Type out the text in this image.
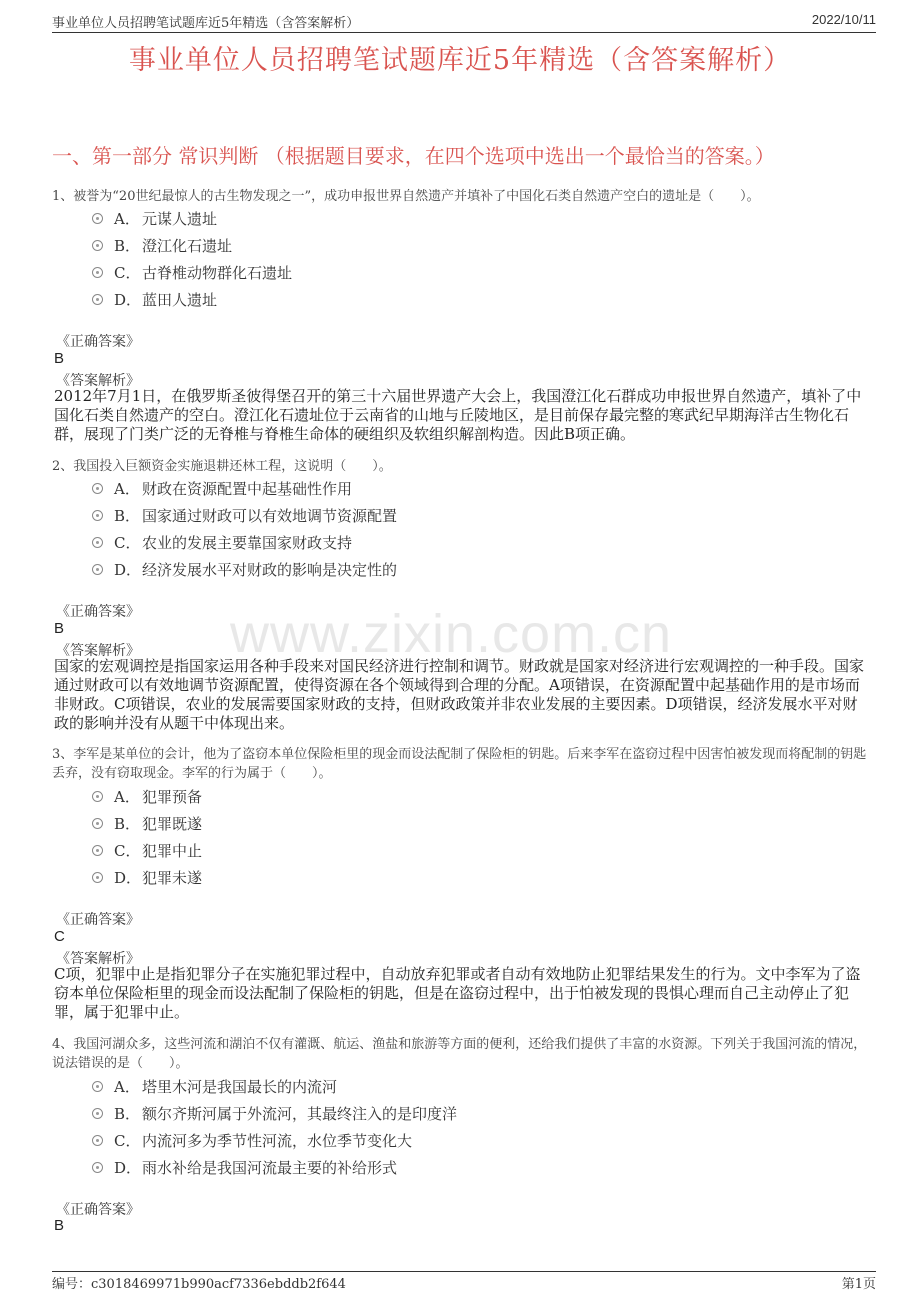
事业单位人员招聘笔试题库近5年精选（含答案解析）	2022/10/11
事业单位人员招聘笔试题库近5年精选（含答案解析）
一、第一部分 常识判断 （根据题目要求，在四个选项中选出一个最恰当的答案。）
www.zixin.com.cn
1、被誉为“20世纪最惊人的古生物发现之一”，成功申报世界自然遗产并填补了中国化石类自然遗产空白的遗址是（　　）。
A． 元谋人遗址
B． 澄江化石遗址
C． 古脊椎动物群化石遗址
D． 蓝田人遗址
《正确答案》
B
《答案解析》
2012年7月1日，在俄罗斯圣彼得堡召开的第三十六届世界遗产大会上，我国澄江化石群成功申报世界自然遗产，填补了中国化石类自然遗产的空白。澄江化石遗址位于云南省的山地与丘陵地区，是目前保存最完整的寒武纪早期海洋古生物化石群，展现了门类广泛的无脊椎与脊椎生命体的硬组织及软组织解剖构造。因此B项正确。
2、我国投入巨额资金实施退耕还林工程，这说明（　　）。
A． 财政在资源配置中起基础性作用
B． 国家通过财政可以有效地调节资源配置
C． 农业的发展主要靠国家财政支持
D． 经济发展水平对财政的影响是决定性的
《正确答案》
B
《答案解析》
国家的宏观调控是指国家运用各种手段来对国民经济进行控制和调节。财政就是国家对经济进行宏观调控的一种手段。国家通过财政可以有效地调节资源配置，使得资源在各个领域得到合理的分配。A项错误，在资源配置中起基础作用的是市场而非财政。C项错误，农业的发展需要国家财政的支持，但财政政策并非农业发展的主要因素。D项错误，经济发展水平对财政的影响并没有从题干中体现出来。
3、李军是某单位的会计，他为了盗窃本单位保险柜里的现金而设法配制了保险柜的钥匙。后来李军在盗窃过程中因害怕被发现而将配制的钥匙丢弃，没有窃取现金。李军的行为属于（　　）。
A． 犯罪预备
B． 犯罪既遂
C． 犯罪中止
D． 犯罪未遂
《正确答案》
C
《答案解析》
C项，犯罪中止是指犯罪分子在实施犯罪过程中，自动放弃犯罪或者自动有效地防止犯罪结果发生的行为。文中李军为了盗窃本单位保险柜里的现金而设法配制了保险柜的钥匙，但是在盗窃过程中，出于怕被发现的畏惧心理而自己主动停止了犯罪，属于犯罪中止。
4、我国河湖众多，这些河流和湖泊不仅有灌溉、航运、渔盐和旅游等方面的便利，还给我们提供了丰富的水资源。下列关于我国河流的情况，说法错误的是（　　）。
A． 塔里木河是我国最长的内流河
B． 额尔齐斯河属于外流河，其最终注入的是印度洋
C． 内流河多为季节性河流，水位季节变化大
D． 雨水补给是我国河流最主要的补给形式
《正确答案》
B
编号：c3018469971b990acf7336ebddb2f644	第1页
